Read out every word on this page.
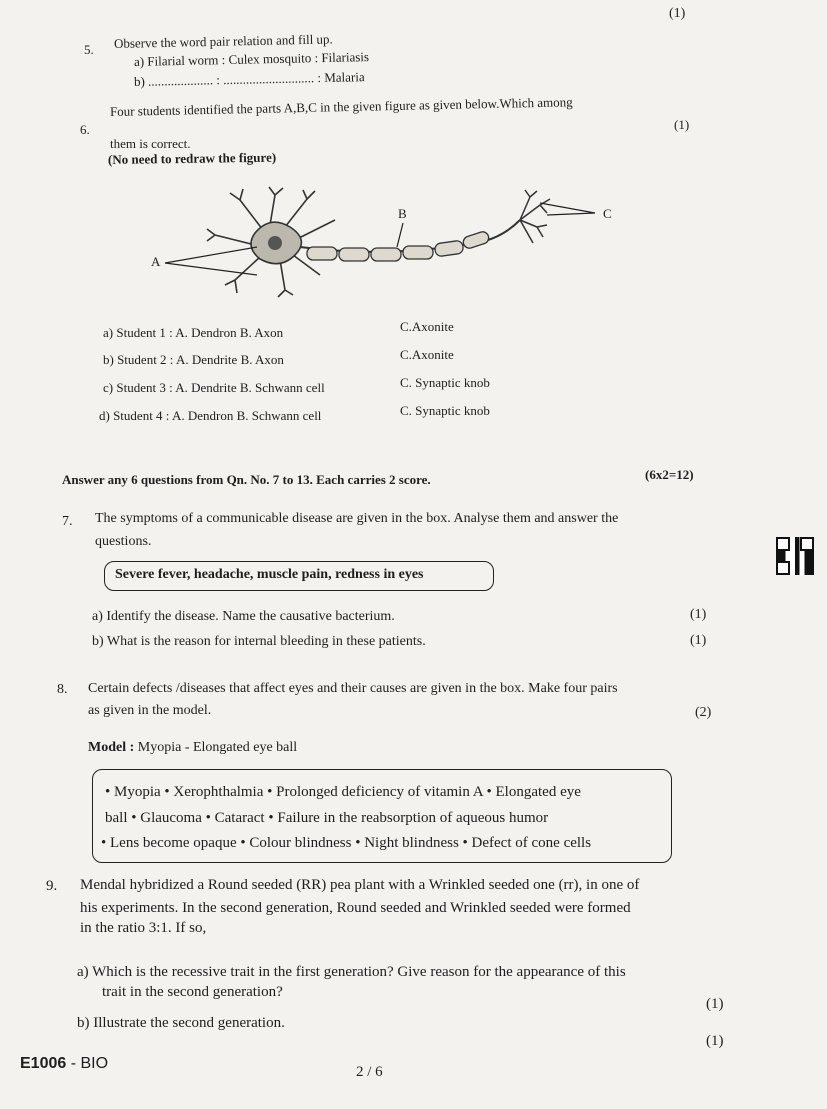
(1)
5. Observe the word pair relation and fill up.
a) Filarial worm : Culex mosquito : Filariasis
b) .................... : ............................ : Malaria
6.
Four students identified the parts A,B,C in the given figure as given below.Which among
them is correct.
(1)
(No need to redraw the figure)
A
B	C
a) Student 1 : A. Dendron B. Axon	C.Axonite
b) Student 2 : A. Dendrite B. Axon	C.Axonite
c) Student 3 : A. Dendrite B. Schwann cell	C. Synaptic knob
d) Student 4 : A. Dendron B. Schwann cell	C. Synaptic knob
Answer any 6 questions from Qn. No. 7 to 13. Each carries 2 score.	(6x2=12)
7. The symptoms of a communicable disease are given in the box. Analyse them and answer the
questions.
Severe fever, headache, muscle pain, redness in eyes
a) Identify the disease. Name the causative bacterium.	(1)
b) What is the reason for internal bleeding in these patients.	(1)
8. Certain defects /diseases that affect eyes and their causes are given in the box. Make four pairs
as given in the model.	(2)
Model : Myopia - Elongated eye ball
• Myopia • Xerophthalmia • Prolonged deficiency of vitamin A • Elongated eye
ball • Glaucoma • Cataract • Failure in the reabsorption of aqueous humor
• Lens become opaque • Colour blindness • Night blindness • Defect of cone cells
9. Mendal hybridized a Round seeded (RR) pea plant with a Wrinkled seeded one (rr), in one of
his experiments. In the second generation, Round seeded and Wrinkled seeded were formed
in the ratio 3:1. If so,
a) Which is the recessive trait in the first generation? Give reason for the appearance of this
trait in the second generation?
(1)
b) Illustrate the second generation.
(1)
E1006 - BIO	2 / 6
